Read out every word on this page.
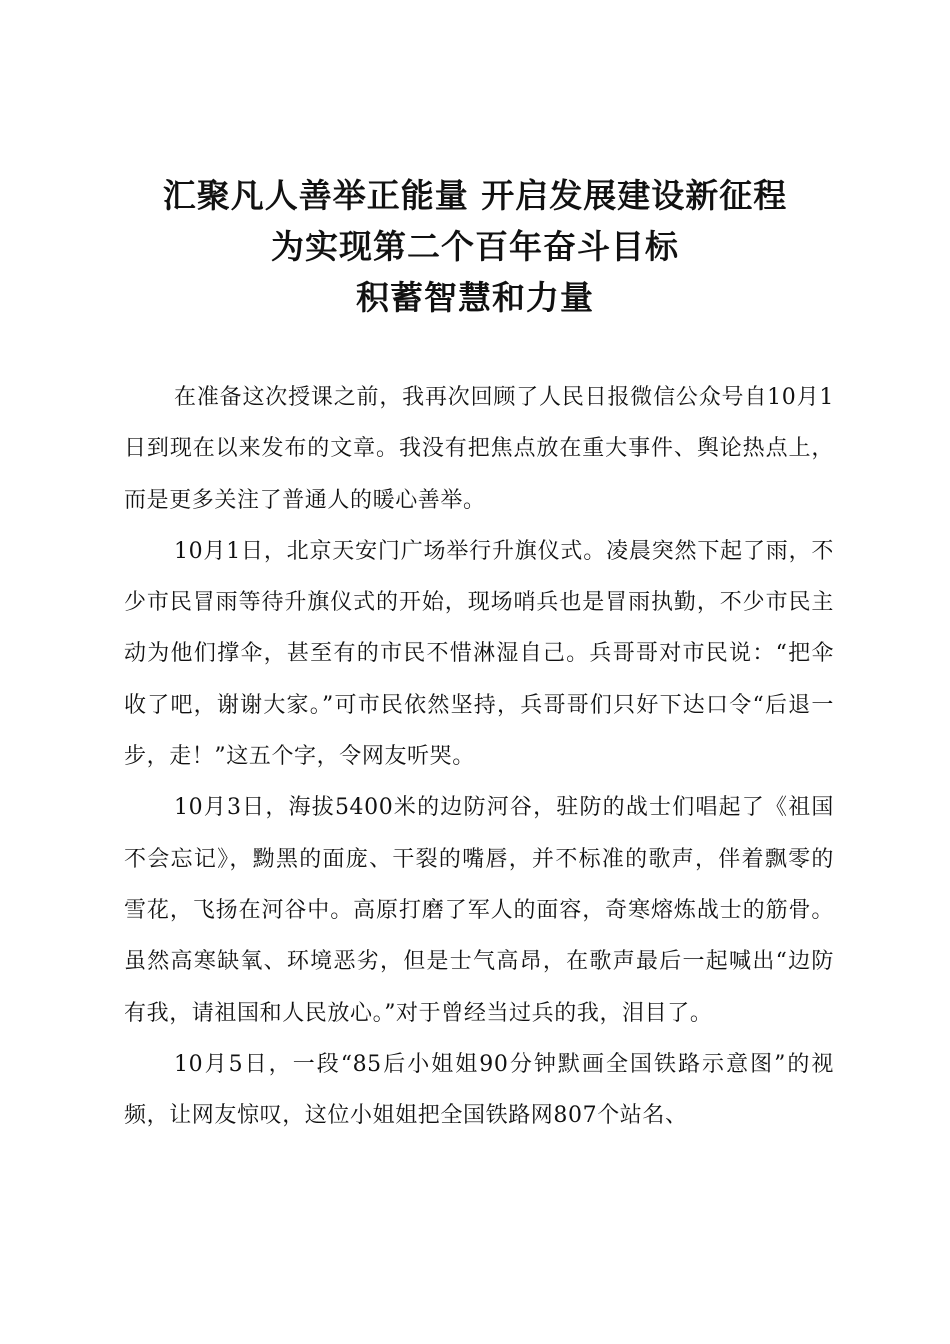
汇聚凡人善举正能量 开启发展建设新征程
为实现第二个百年奋斗目标
积蓄智慧和力量

在准备这次授课之前，我再次回顾了人民日报微信公众号自10月1日到现在以来发布的文章。我没有把焦点放在重大事件、舆论热点上，而是更多关注了普通人的暖心善举。

10月1日，北京天安门广场举行升旗仪式。凌晨突然下起了雨，不少市民冒雨等待升旗仪式的开始，现场哨兵也是冒雨执勤，不少市民主动为他们撑伞，甚至有的市民不惜淋湿自己。兵哥哥对市民说：“把伞收了吧，谢谢大家。”可市民依然坚持，兵哥哥们只好下达口令“后退一步，走！”这五个字，令网友听哭。

10月3日，海拔5400米的边防河谷，驻防的战士们唱起了《祖国不会忘记》，黝黑的面庞、干裂的嘴唇，并不标准的歌声，伴着飘零的雪花，飞扬在河谷中。高原打磨了军人的面容，奇寒熔炼战士的筋骨。虽然高寒缺氧、环境恶劣，但是士气高昂，在歌声最后一起喊出“边防有我，请祖国和人民放心。”对于曾经当过兵的我，泪目了。

10月5日，一段“85后小姐姐90分钟默画全国铁路示意图”的视频，让网友惊叹，这位小姐姐把全国铁路网807个站名、
